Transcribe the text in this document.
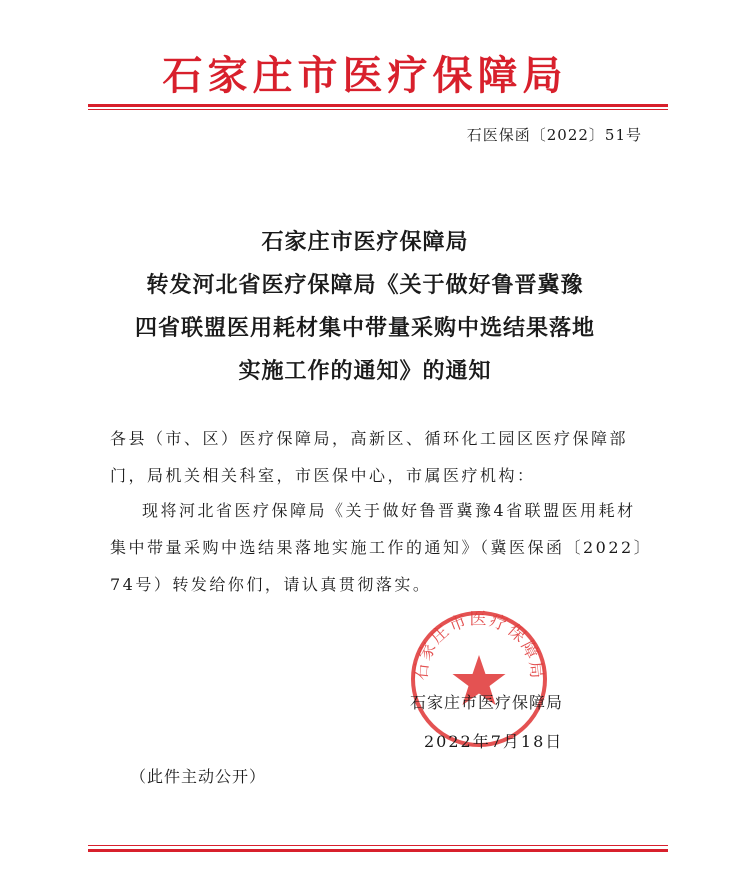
石家庄市医疗保障局
石医保函〔2022〕51号
石家庄市医疗保障局
转发河北省医疗保障局《关于做好鲁晋冀豫
四省联盟医用耗材集中带量采购中选结果落地
实施工作的通知》的通知
各县（市、区）医疗保障局，高新区、循环化工园区医疗保障部门，局机关相关科室，市医保中心，市属医疗机构：
现将河北省医疗保障局《关于做好鲁晋冀豫4省联盟医用耗材集中带量采购中选结果落地实施工作的通知》（冀医保函〔2022〕74号）转发给你们，请认真贯彻落实。
石家庄市医疗保障局
石家庄市医疗保障局
2022年7月18日
（此件主动公开）
